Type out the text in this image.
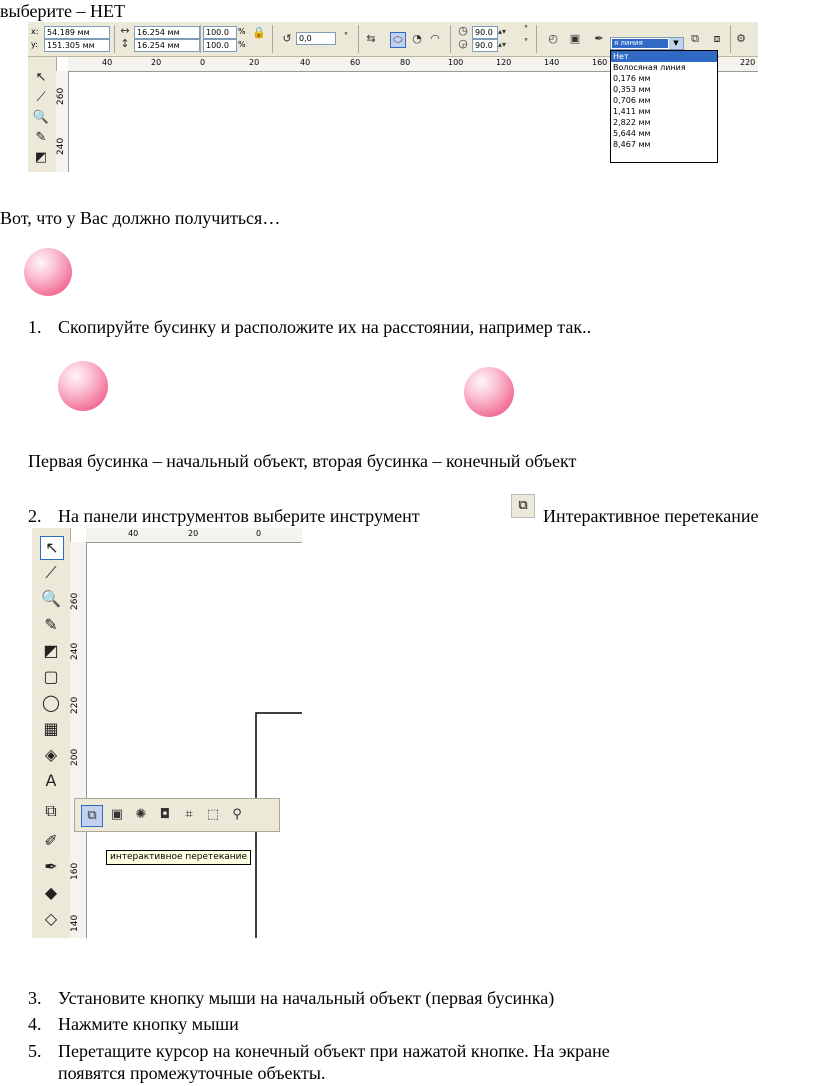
выберите – НЕТ
x:	54.189 мм
y:	151.305 мм
↔ 16.254 мм
↕ 16.254 мм
100.0	%
100.0	%
🔒 ↺ 0,0	° ⇆ ⬭ ◔ ◠
◷ 90.0 ▴▾
◶ 90.0 ▴▾
°
° ◴ ▣ ✒	я линия	▼	⧉	⧈	⚙
↖
⟋
🔍
✎
◩
40	20	0	20	40	60	80	100	120	140	160	220
260
240
Нет
Волосяная линия
0,176 мм
0,353 мм
0,706 мм
1,411 мм
2,822 мм
5,644 мм
8,467 мм
Вот, что у Вас должно получиться…
1. Скопируйте бусинку и расположите их на расстоянии, например так..
Первая бусинка – начальный объект, вторая бусинка – конечный объект
2. На панели инструментов выберите инструмент
⧉
Интерактивное перетекание
↖
⟋
🔍
✎
◩
▢
◯
▦
◈
A
⧉
✐
✒
◆
◇
40	20	0
260
240
220
200
160
140
⧉	▣ ✺	◘	⌗	⬚	⚲
интерактивное перетекание
3. Установите кнопку мыши на начальный объект (первая бусинка)
4. Нажмите кнопку мыши
5. Перетащите курсор на конечный объект при нажатой кнопке. На экране
появятся промежуточные объекты.
